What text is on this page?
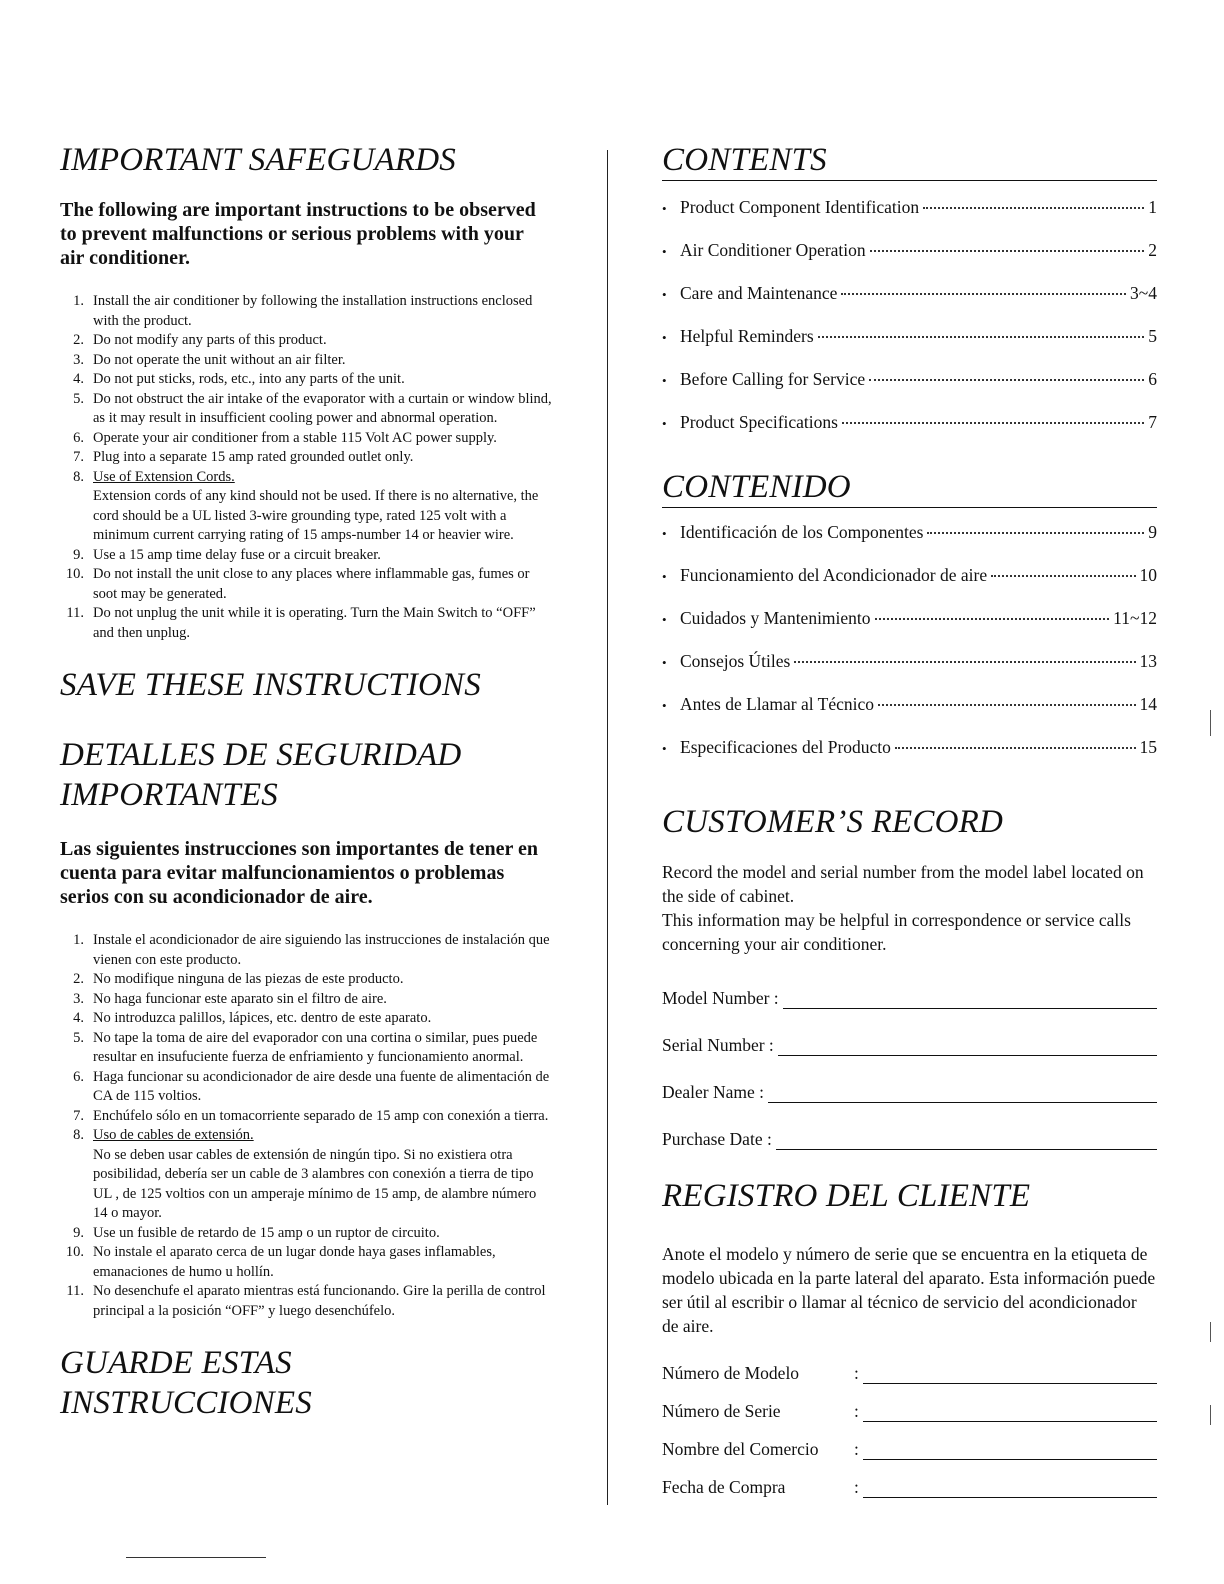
IMPORTANT SAFEGUARDS

The following are important instructions to be observed to prevent malfunctions or serious problems with your air conditioner.

1. Install the air conditioner by following the installation instructions enclosed with the product.
2. Do not modify any parts of this product.
3. Do not operate the unit without an air filter.
4. Do not put sticks, rods, etc., into any parts of the unit.
5. Do not obstruct the air intake of the evaporator with a curtain or window blind, as it may result in insufficient cooling power and abnormal operation.
6. Operate your air conditioner from a stable 115 Volt AC power supply.
7. Plug into a separate 15 amp rated grounded outlet only.
8. Use of Extension Cords.
Extension cords of any kind should not be used. If there is no alternative, the cord should be a UL listed 3-wire grounding type, rated 125 volt with a minimum current carrying rating of 15 amps-number 14 or heavier wire.
9. Use a 15 amp time delay fuse or a circuit breaker.
10. Do not install the unit close to any places where inflammable gas, fumes or soot may be generated.
11. Do not unplug the unit while it is operating. Turn the Main Switch to “OFF” and then unplug.
SAVE THESE INSTRUCTIONS
DETALLES DE SEGURIDAD
IMPORTANTES

Las siguientes instrucciones son importantes de tener en cuenta para evitar malfuncionamientos o problemas serios con su acondicionador de aire.

1. Instale el acondicionador de aire siguiendo las instrucciones de instalación que vienen con este producto.
2. No modifique ninguna de las piezas de este producto.
3. No haga funcionar este aparato sin el filtro de aire.
4. No introduzca palillos, lápices, etc. dentro de este aparato.
5. No tape la toma de aire del evaporador con una cortina o similar, pues puede resultar en insufuciente fuerza de enfriamiento y funcionamiento anormal.
6. Haga funcionar su acondicionador de aire desde una fuente de alimentación de CA de 115 voltios.
7. Enchúfelo sólo en un tomacorriente separado de 15 amp con conexión a tierra.
8. Uso de cables de extensión.
No se deben usar cables de extensión de ningún tipo. Si no existiera otra posibilidad, debería ser un cable de 3 alambres con conexión a tierra de tipo UL , de 125 voltios con un amperaje mínimo de 15 amp, de alambre número 14 o mayor.
9. Use un fusible de retardo de 15 amp o un ruptor de circuito.
10. No instale el aparato cerca de un lugar donde haya gases inflamables, emanaciones de humo u hollín.
11. No desenchufe el aparato mientras está funcionando. Gire la perilla de control principal a la posición “OFF” y luego desenchúfelo.
GUARDE ESTAS INSTRUCCIONES
CONTENTS
• Product Component Identification	1
• Air Conditioner Operation	2
• Care and Maintenance	3~4
• Helpful Reminders	5
• Before Calling for Service	6
• Product Specifications	7
CONTENIDO
• Identificación de los Componentes	9
• Funcionamiento del Acondicionador de aire	10
• Cuidados y Mantenimiento	11~12
• Consejos Útiles	13
• Antes de Llamar al Técnico	14
• Especificaciones del Producto	15
CUSTOMER’S RECORD

Record the model and serial number from the model label located on the side of cabinet.

This information may be helpful in correspondence or service calls concerning your air conditioner.

Model Number :
Serial Number :
Dealer Name :
Purchase Date :
REGISTRO DEL CLIENTE

Anote el modelo y número de serie que se encuentra en la etiqueta de modelo ubicada en la parte lateral del aparato. Esta información puede ser útil al escribir o llamar al técnico de servicio del acondicionador de aire.

Número de Modelo	:
Número de Serie	:
Nombre del Comercio	:
Fecha de Compra	:
